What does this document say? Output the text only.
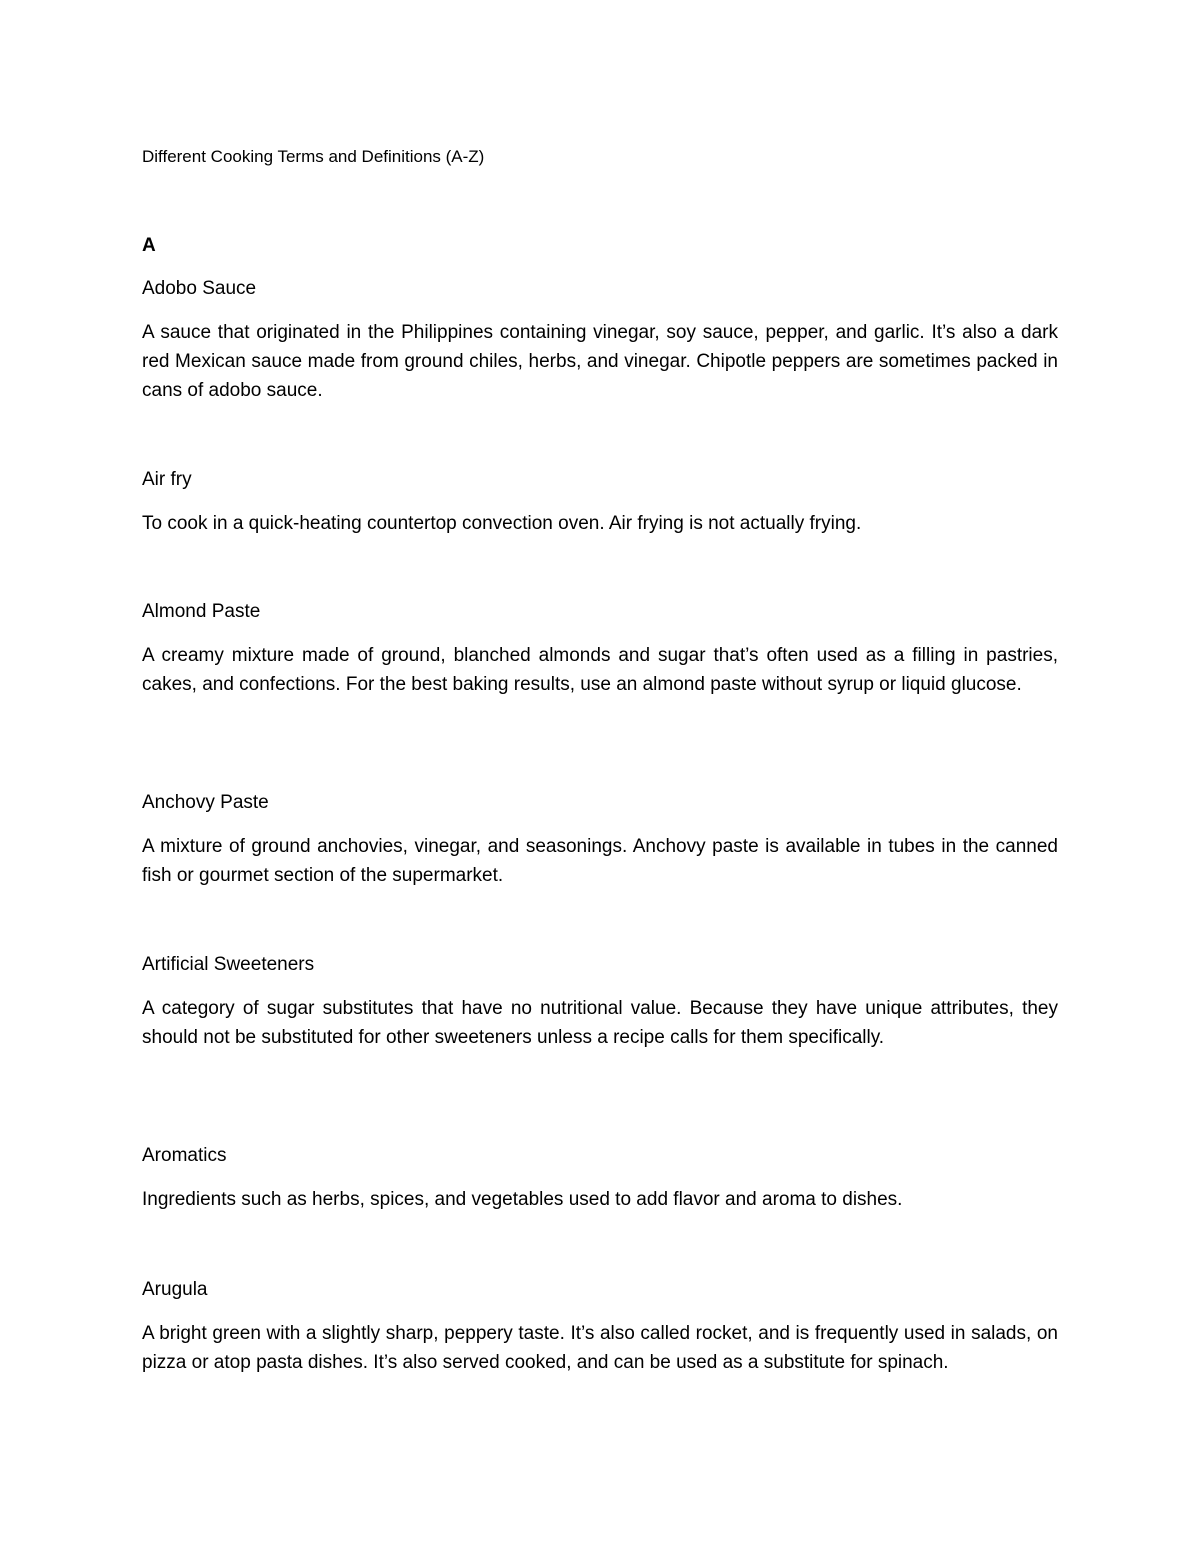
Different Cooking Terms and Definitions (A-Z)
A

Adobo Sauce

A sauce that originated in the Philippines containing vinegar, soy sauce, pepper, and garlic. It’s also a dark red Mexican sauce made from ground chiles, herbs, and vinegar. Chipotle peppers are sometimes packed in cans of adobo sauce.

Air fry

To cook in a quick-heating countertop convection oven. Air frying is not actually frying.

Almond Paste

A creamy mixture made of ground, blanched almonds and sugar that’s often used as a filling in pastries, cakes, and confections. For the best baking results, use an almond paste without syrup or liquid glucose.

Anchovy Paste

A mixture of ground anchovies, vinegar, and seasonings. Anchovy paste is available in tubes in the canned fish or gourmet section of the supermarket.

Artificial Sweeteners

A category of sugar substitutes that have no nutritional value. Because they have unique attributes, they should not be substituted for other sweeteners unless a recipe calls for them specifically.

Aromatics

Ingredients such as herbs, spices, and vegetables used to add flavor and aroma to dishes.

Arugula

A bright green with a slightly sharp, peppery taste. It’s also called rocket, and is frequently used in salads, on pizza or atop pasta dishes. It’s also served cooked, and can be used as a substitute for spinach.
